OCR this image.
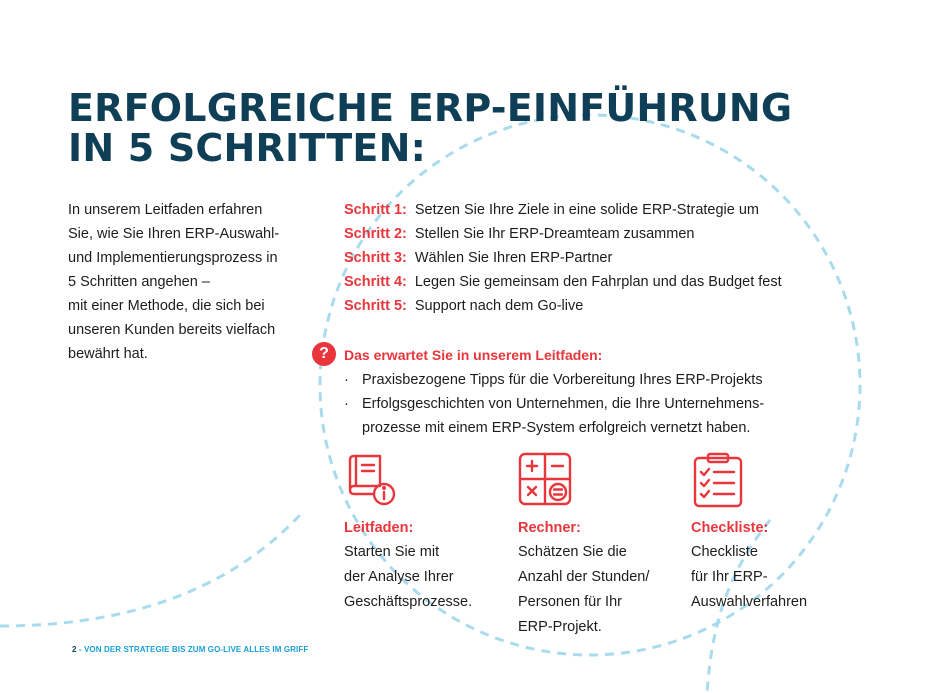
ERFOLGREICHE ERP-EINFÜHRUNG
IN 5 SCHRITTEN:
In unserem Leitfaden erfahren
Sie, wie Sie Ihren ERP-Auswahl-
und Implementierungsprozess in
5 Schritten angehen –
mit einer Methode, die sich bei
unseren Kunden bereits vielfach
bewährt hat.
Schritt 1: Setzen Sie Ihre Ziele in eine solide ERP-Strategie um
Schritt 2: Stellen Sie Ihr ERP-Dreamteam zusammen
Schritt 3: Wählen Sie Ihren ERP-Partner
Schritt 4: Legen Sie gemeinsam den Fahrplan und das Budget fest
Schritt 5: Support nach dem Go-live
?	Das erwartet Sie in unserem Leitfaden:
· Praxisbezogene Tipps für die Vorbereitung Ihres ERP-Projekts
· Erfolgsgeschichten von Unternehmen, die Ihre Unternehmens-
prozesse mit einem ERP-System erfolgreich vernetzt haben.
Leitfaden:
Starten Sie mit
der Analyse Ihrer
Geschäftsprozesse.
Rechner:
Schätzen Sie die
Anzahl der Stunden/
Personen für Ihr
ERP-Projekt.
Checkliste:
Checkliste
für Ihr ERP-
Auswahlverfahren
2 - VON DER STRATEGIE BIS ZUM GO-LIVE ALLES IM GRIFF
